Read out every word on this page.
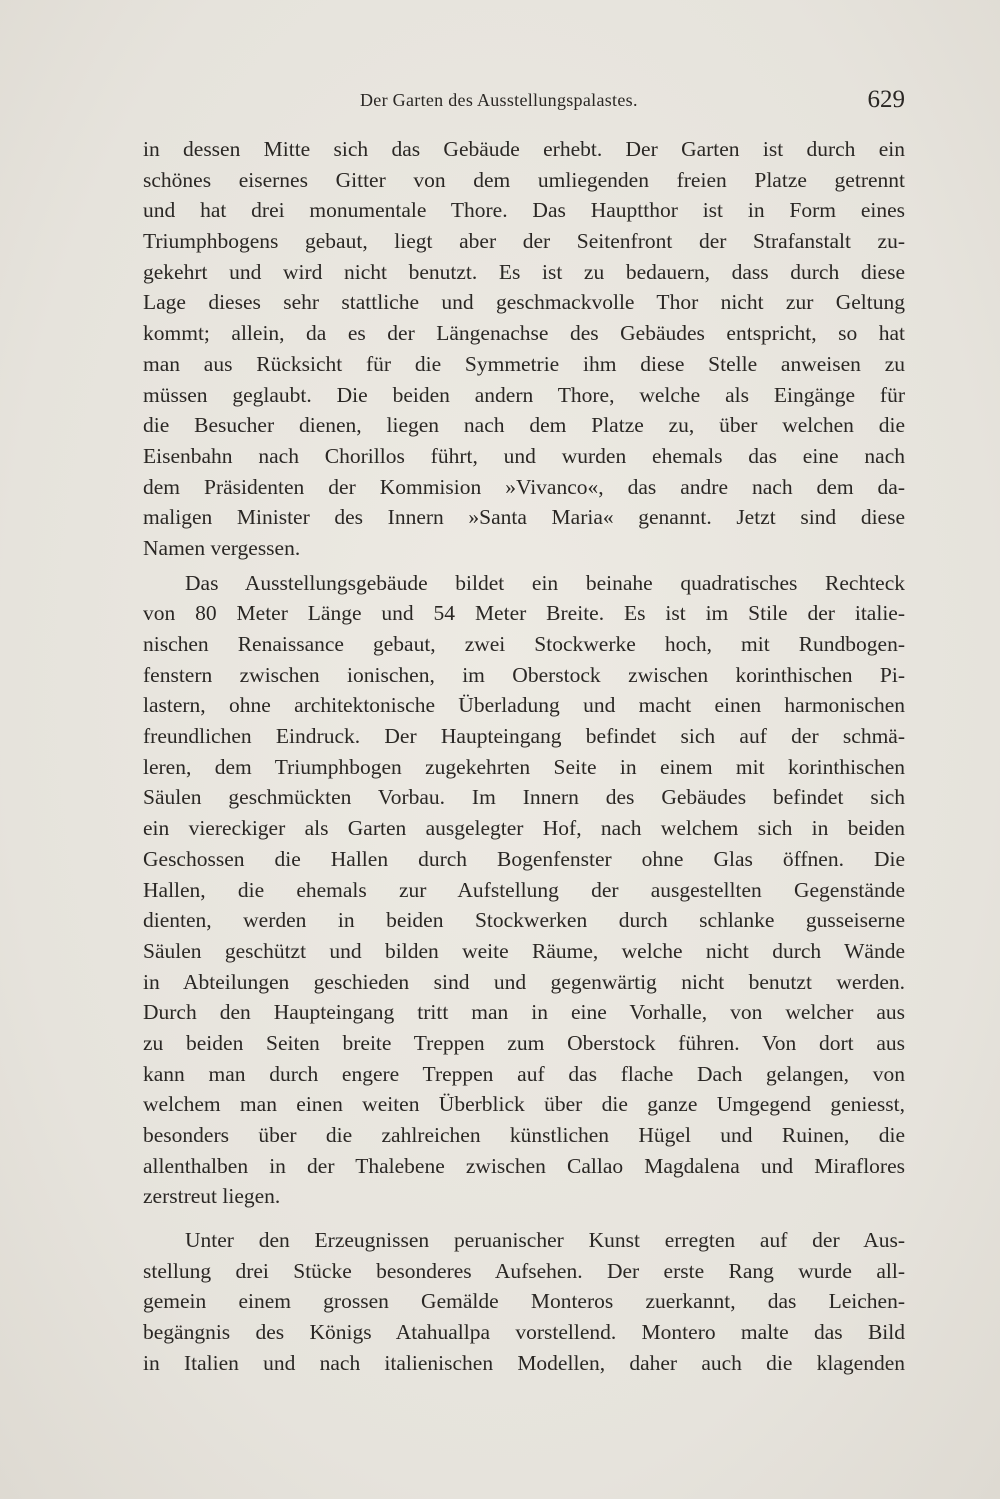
Der Garten des Ausstellungspalastes.	629
in dessen Mitte sich das Gebäude erhebt. Der Garten ist durch ein
schönes eisernes Gitter von dem umliegenden freien Platze getrennt
und hat drei monumentale Thore. Das Hauptthor ist in Form eines
Triumphbogens gebaut, liegt aber der Seitenfront der Strafanstalt zu-
gekehrt und wird nicht benutzt. Es ist zu bedauern, dass durch diese
Lage dieses sehr stattliche und geschmackvolle Thor nicht zur Geltung
kommt; allein, da es der Längenachse des Gebäudes entspricht, so hat
man aus Rücksicht für die Symmetrie ihm diese Stelle anweisen zu
müssen geglaubt. Die beiden andern Thore, welche als Eingänge für
die Besucher dienen, liegen nach dem Platze zu, über welchen die
Eisenbahn nach Chorillos führt, und wurden ehemals das eine nach
dem Präsidenten der Kommision »Vivanco«, das andre nach dem da-
maligen Minister des Innern »Santa Maria« genannt. Jetzt sind diese
Namen vergessen.
Das Ausstellungsgebäude bildet ein beinahe quadratisches Rechteck
von 80 Meter Länge und 54 Meter Breite. Es ist im Stile der italie-
nischen Renaissance gebaut, zwei Stockwerke hoch, mit Rundbogen-
fenstern zwischen ionischen, im Oberstock zwischen korinthischen Pi-
lastern, ohne architektonische Überladung und macht einen harmonischen
freundlichen Eindruck. Der Haupteingang befindet sich auf der schmä-
leren, dem Triumphbogen zugekehrten Seite in einem mit korinthischen
Säulen geschmückten Vorbau. Im Innern des Gebäudes befindet sich
ein viereckiger als Garten ausgelegter Hof, nach welchem sich in beiden
Geschossen die Hallen durch Bogenfenster ohne Glas öffnen. Die
Hallen, die ehemals zur Aufstellung der ausgestellten Gegenstände
dienten, werden in beiden Stockwerken durch schlanke gusseiserne
Säulen geschützt und bilden weite Räume, welche nicht durch Wände
in Abteilungen geschieden sind und gegenwärtig nicht benutzt werden.
Durch den Haupteingang tritt man in eine Vorhalle, von welcher aus
zu beiden Seiten breite Treppen zum Oberstock führen. Von dort aus
kann man durch engere Treppen auf das flache Dach gelangen, von
welchem man einen weiten Überblick über die ganze Umgegend geniesst,
besonders über die zahlreichen künstlichen Hügel und Ruinen, die
allenthalben in der Thalebene zwischen Callao Magdalena und Miraflores
zerstreut liegen.
Unter den Erzeugnissen peruanischer Kunst erregten auf der Aus-
stellung drei Stücke besonderes Aufsehen. Der erste Rang wurde all-
gemein einem grossen Gemälde Monteros zuerkannt, das Leichen-
begängnis des Königs Atahuallpa vorstellend. Montero malte das Bild
in Italien und nach italienischen Modellen, daher auch die klagenden
